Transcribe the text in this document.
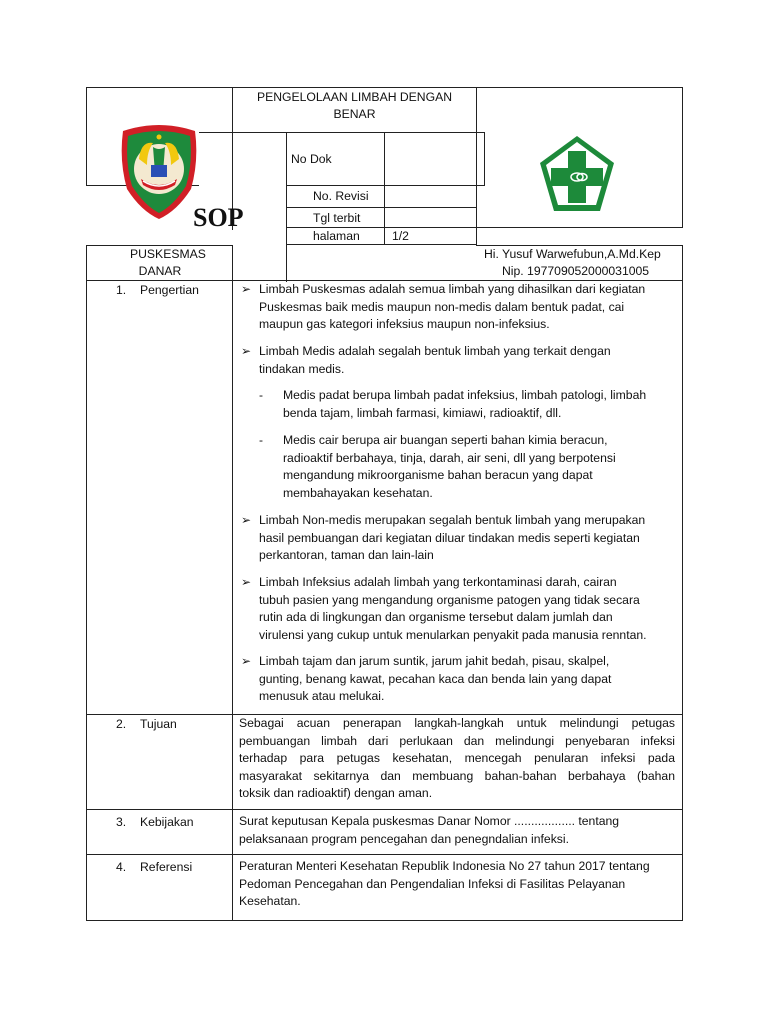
SOP
PENGELOLAAN LIMBAH DENGAN
BENAR
No Dok
No. Revisi
Tgl terbit
halaman	1/2
PUSKESMAS
DANAR
Hi. Yusuf Warwefubun,A.Md.Kep
Nip. 197709052000031005
1. Pengertian	➢ Limbah Puskesmas adalah semua limbah yang dihasilkan dari kegiatan
Puskesmas baik medis maupun non-medis dalam bentuk padat, cai
maupun gas kategori infeksius maupun non-infeksius.
➢ Limbah Medis adalah segalah bentuk limbah yang terkait dengan
tindakan medis.
- Medis padat berupa limbah padat infeksius, limbah patologi, limbah
benda tajam, limbah farmasi, kimiawi, radioaktif, dll.
- Medis cair berupa air buangan seperti bahan kimia beracun,
radioaktif berbahaya, tinja, darah, air seni, dll yang berpotensi
mengandung mikroorganisme bahan beracun yang dapat
membahayakan kesehatan.
➢ Limbah Non-medis merupakan segalah bentuk limbah yang merupakan
hasil pembuangan dari kegiatan diluar tindakan medis seperti kegiatan
perkantoran, taman dan lain-lain
➢ Limbah Infeksius adalah limbah yang terkontaminasi darah, cairan
tubuh pasien yang mengandung organisme patogen yang tidak secara
rutin ada di lingkungan dan organisme tersebut dalam jumlah dan
virulensi yang cukup untuk menularkan penyakit pada manusia renntan.
➢ Limbah tajam dan jarum suntik, jarum jahit bedah, pisau, skalpel,
gunting, benang kawat, pecahan kaca dan benda lain yang dapat
menusuk atau melukai.
2. Tujuan	Sebagai acuan penerapan langkah-langkah untuk melindungi petugas
pembuangan limbah dari perlukaan dan melindungi penyebaran infeksi
terhadap para petugas kesehatan, mencegah penularan infeksi pada
masyarakat sekitarnya dan membuang bahan-bahan berbahaya (bahan
toksik dan radioaktif) dengan aman.
3. Kebijakan	Surat keputusan Kepala puskesmas Danar Nomor .................. tentang
pelaksanaan program pencegahan dan penegndalian infeksi.
4. Referensi	Peraturan Menteri Kesehatan Republik Indonesia No 27 tahun 2017 tentang
Pedoman Pencegahan dan Pengendalian Infeksi di Fasilitas Pelayanan
Kesehatan.
